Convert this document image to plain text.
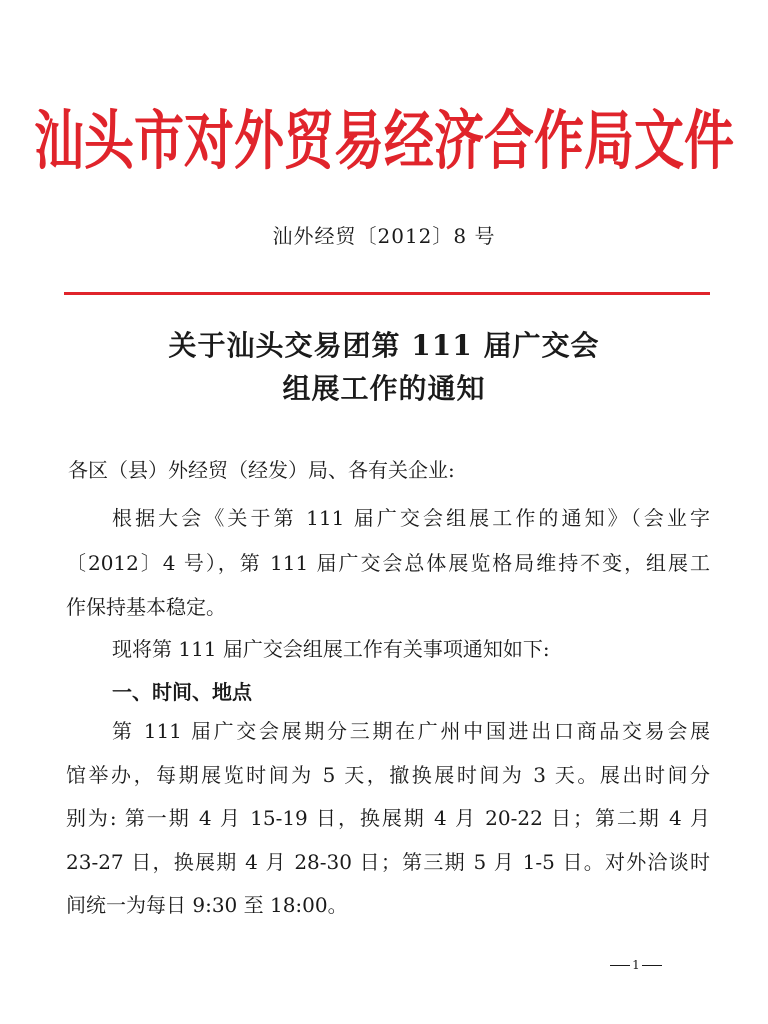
汕头市对外贸易经济合作局文件
汕外经贸〔2012〕8 号
关于汕头交易团第 111 届广交会
组展工作的通知
各区（县）外经贸（经发）局、各有关企业:
根据大会《关于第 111 届广交会组展工作的通知》（会业字
〔2012〕4 号），第 111 届广交会总体展览格局维持不变，组展工
作保持基本稳定。
现将第 111 届广交会组展工作有关事项通知如下:
一、时间、地点
第 111 届广交会展期分三期在广州中国进出口商品交易会展
馆举办，每期展览时间为 5 天，撤换展时间为 3 天。展出时间分
别为: 第一期 4 月 15-19 日，换展期 4 月 20-22 日；第二期 4 月
23-27 日，换展期 4 月 28-30 日；第三期 5 月 1-5 日。对外洽谈时
间统一为每日 9:30 至 18:00。
1
